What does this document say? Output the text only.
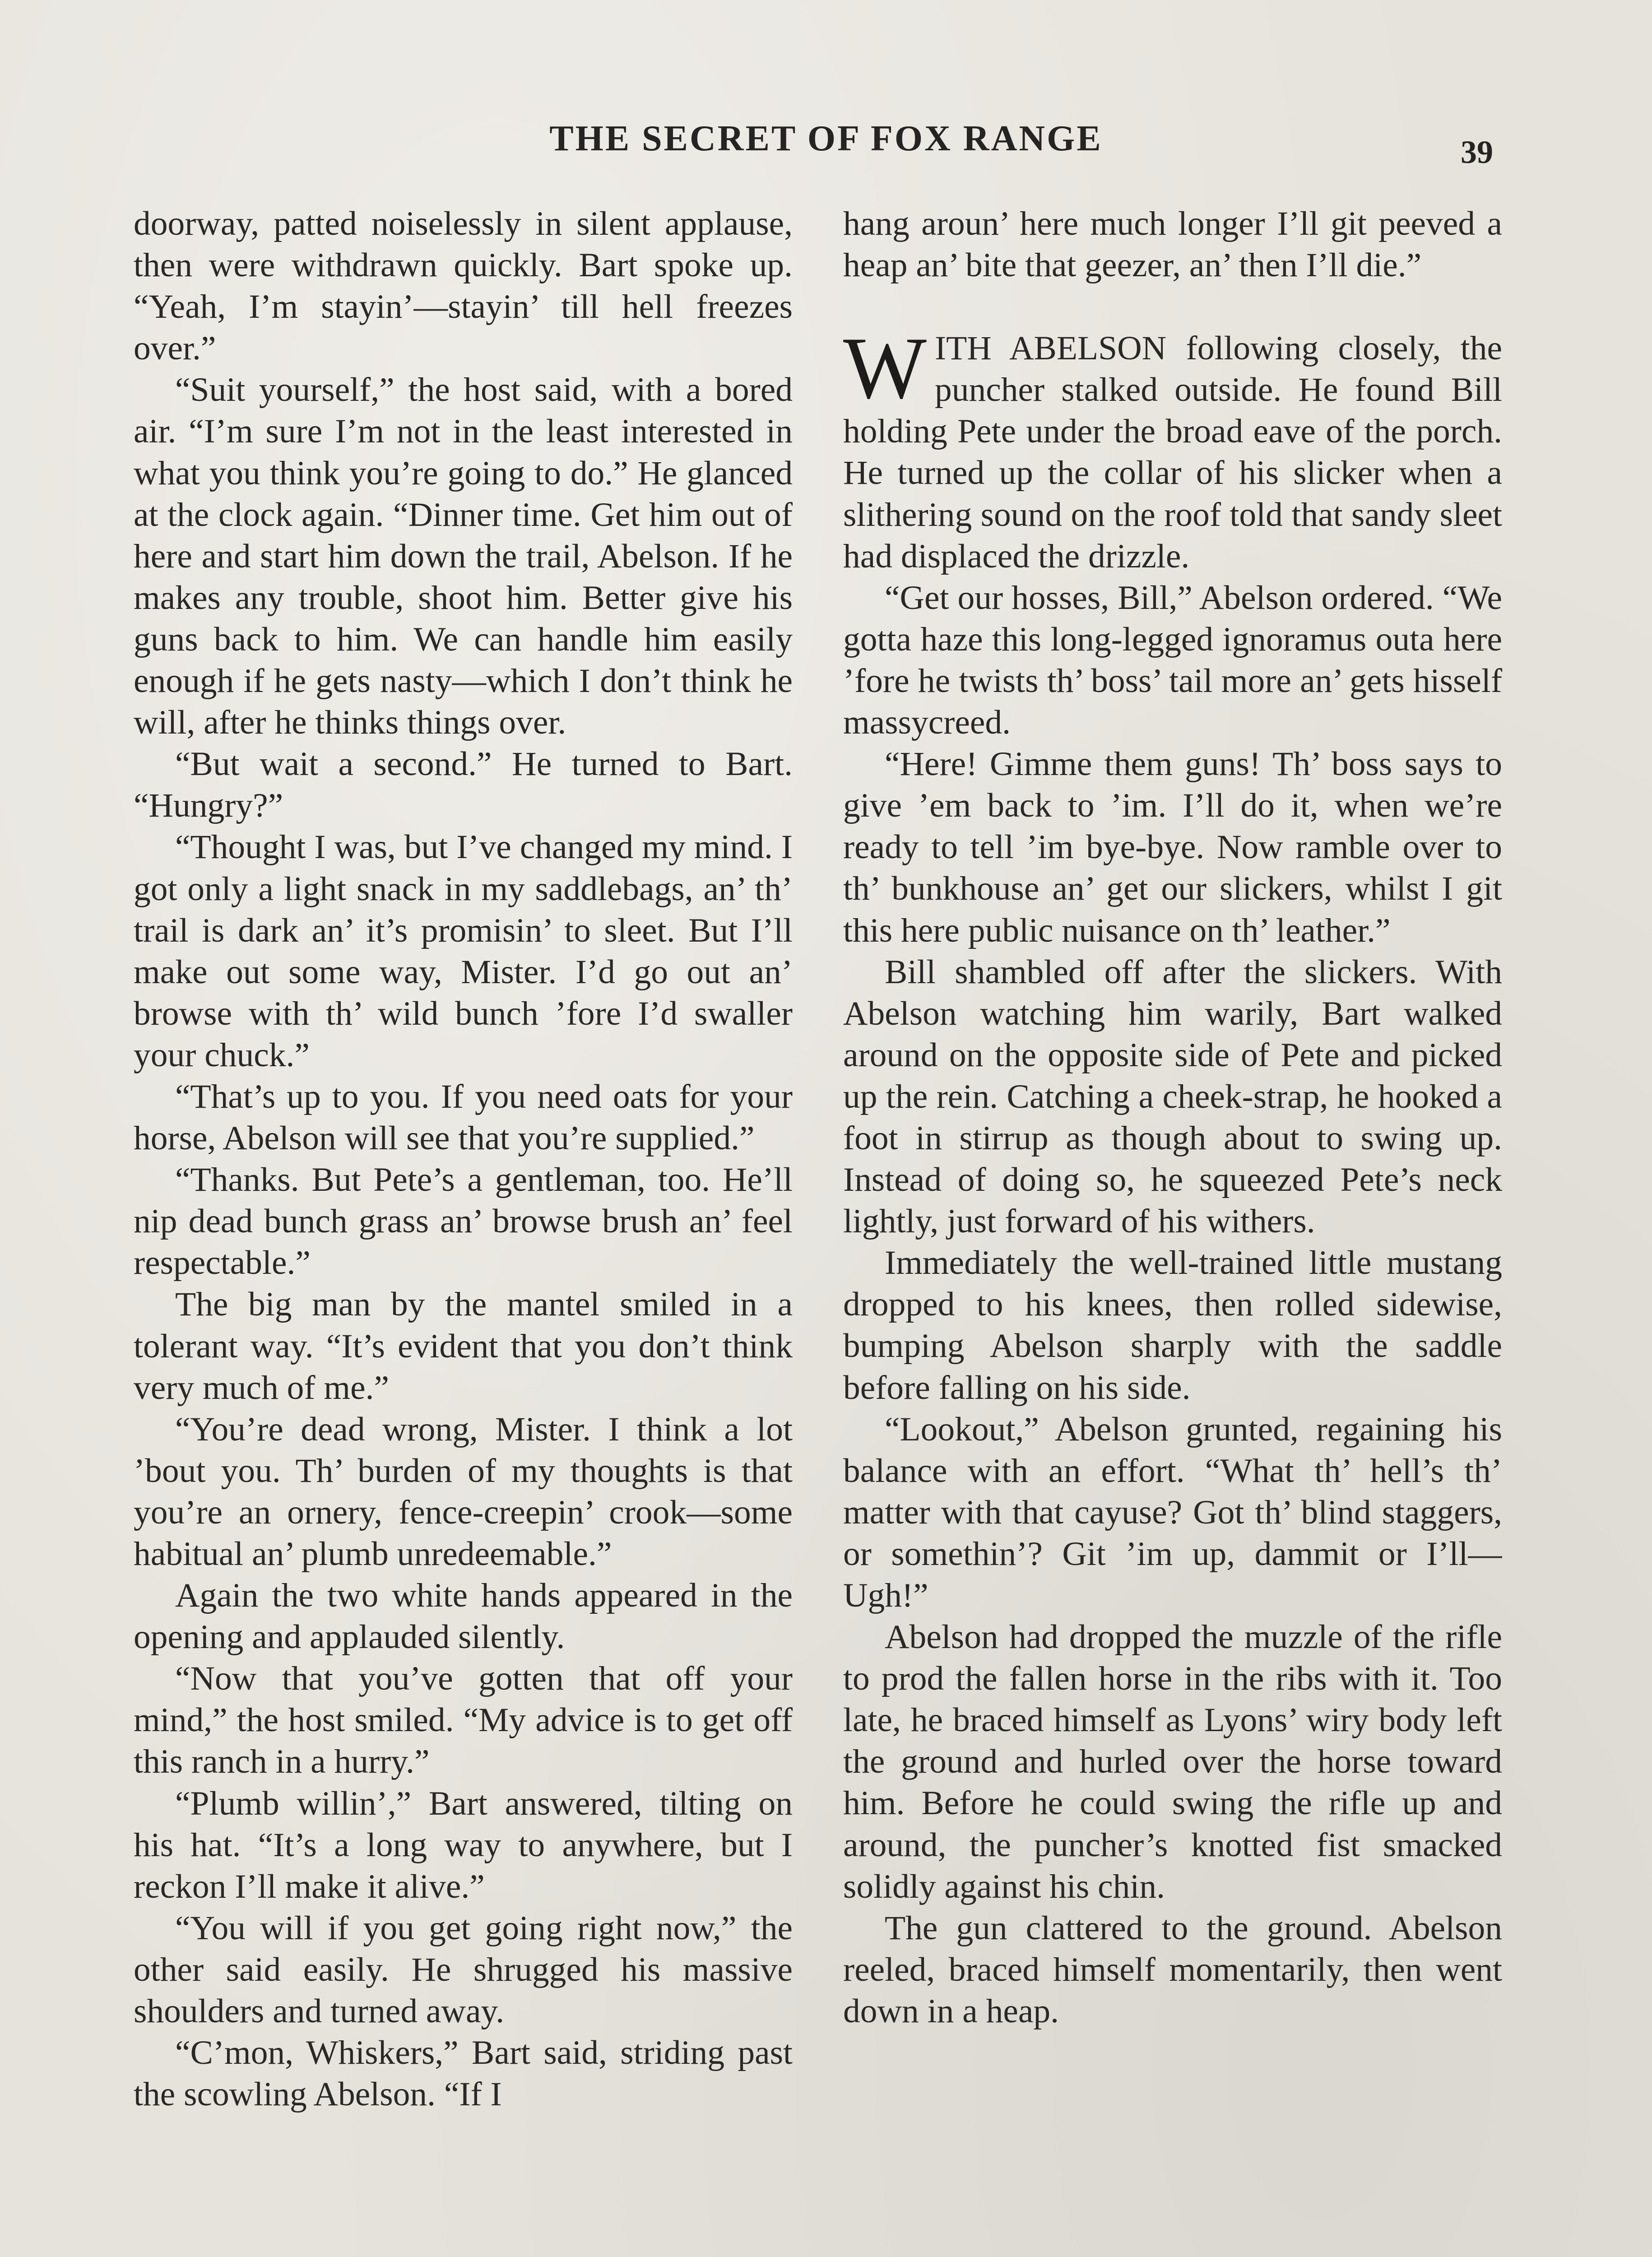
THE SECRET OF FOX RANGE	39

doorway, patted noiselessly in silent applause, then were withdrawn quickly. Bart spoke up. “Yeah, I’m stayin’—stayin’ till hell freezes over.”

“Suit yourself,” the host said, with a bored air. “I’m sure I’m not in the least interested in what you think you’re going to do.” He glanced at the clock again. “Dinner time. Get him out of here and start him down the trail, Abelson. If he makes any trouble, shoot him. Better give his guns back to him. We can handle him easily enough if he gets nasty—which I don’t think he will, after he thinks things over.

“But wait a second.” He turned to Bart. “Hungry?”

“Thought I was, but I’ve changed my mind. I got only a light snack in my saddlebags, an’ th’ trail is dark an’ it’s promisin’ to sleet. But I’ll make out some way, Mister. I’d go out an’ browse with th’ wild bunch ’fore I’d swaller your chuck.”

“That’s up to you. If you need oats for your horse, Abelson will see that you’re supplied.”

“Thanks. But Pete’s a gentleman, too. He’ll nip dead bunch grass an’ browse brush an’ feel respectable.”

The big man by the mantel smiled in a tolerant way. “It’s evident that you don’t think very much of me.”

“You’re dead wrong, Mister. I think a lot ’bout you. Th’ burden of my thoughts is that you’re an ornery, fence-creepin’ crook—some habitual an’ plumb unredeemable.”

Again the two white hands appeared in the opening and applauded silently.

“Now that you’ve gotten that off your mind,” the host smiled. “My advice is to get off this ranch in a hurry.”

“Plumb willin’,” Bart answered, tilting on his hat. “It’s a long way to anywhere, but I reckon I’ll make it alive.”

“You will if you get going right now,” the other said easily. He shrugged his massive shoulders and turned away.

“C’mon, Whiskers,” Bart said, striding past the scowling Abelson. “If I

hang aroun’ here much longer I’ll git peeved a heap an’ bite that geezer, an’ then I’ll die.”

WITH ABELSON following closely, the puncher stalked outside. He found Bill holding Pete under the broad eave of the porch. He turned up the collar of his slicker when a slithering sound on the roof told that sandy sleet had displaced the drizzle.

“Get our hosses, Bill,” Abelson ordered. “We gotta haze this long-legged ignoramus outa here ’fore he twists th’ boss’ tail more an’ gets hisself massycreed.

“Here! Gimme them guns! Th’ boss says to give ’em back to ’im. I’ll do it, when we’re ready to tell ’im bye-bye. Now ramble over to th’ bunkhouse an’ get our slickers, whilst I git this here public nuisance on th’ leather.”

Bill shambled off after the slickers. With Abelson watching him warily, Bart walked around on the opposite side of Pete and picked up the rein. Catching a cheek-strap, he hooked a foot in stirrup as though about to swing up. Instead of doing so, he squeezed Pete’s neck lightly, just forward of his withers.

Immediately the well-trained little mustang dropped to his knees, then rolled sidewise, bumping Abelson sharply with the saddle before falling on his side.

“Lookout,” Abelson grunted, regaining his balance with an effort. “What th’ hell’s th’ matter with that cayuse? Got th’ blind staggers, or somethin’? Git ’im up, dammit or I’ll—Ugh!”

Abelson had dropped the muzzle of the rifle to prod the fallen horse in the ribs with it. Too late, he braced himself as Lyons’ wiry body left the ground and hurled over the horse toward him. Before he could swing the rifle up and around, the puncher’s knotted fist smacked solidly against his chin.

The gun clattered to the ground. Abelson reeled, braced himself momentarily, then went down in a heap.
